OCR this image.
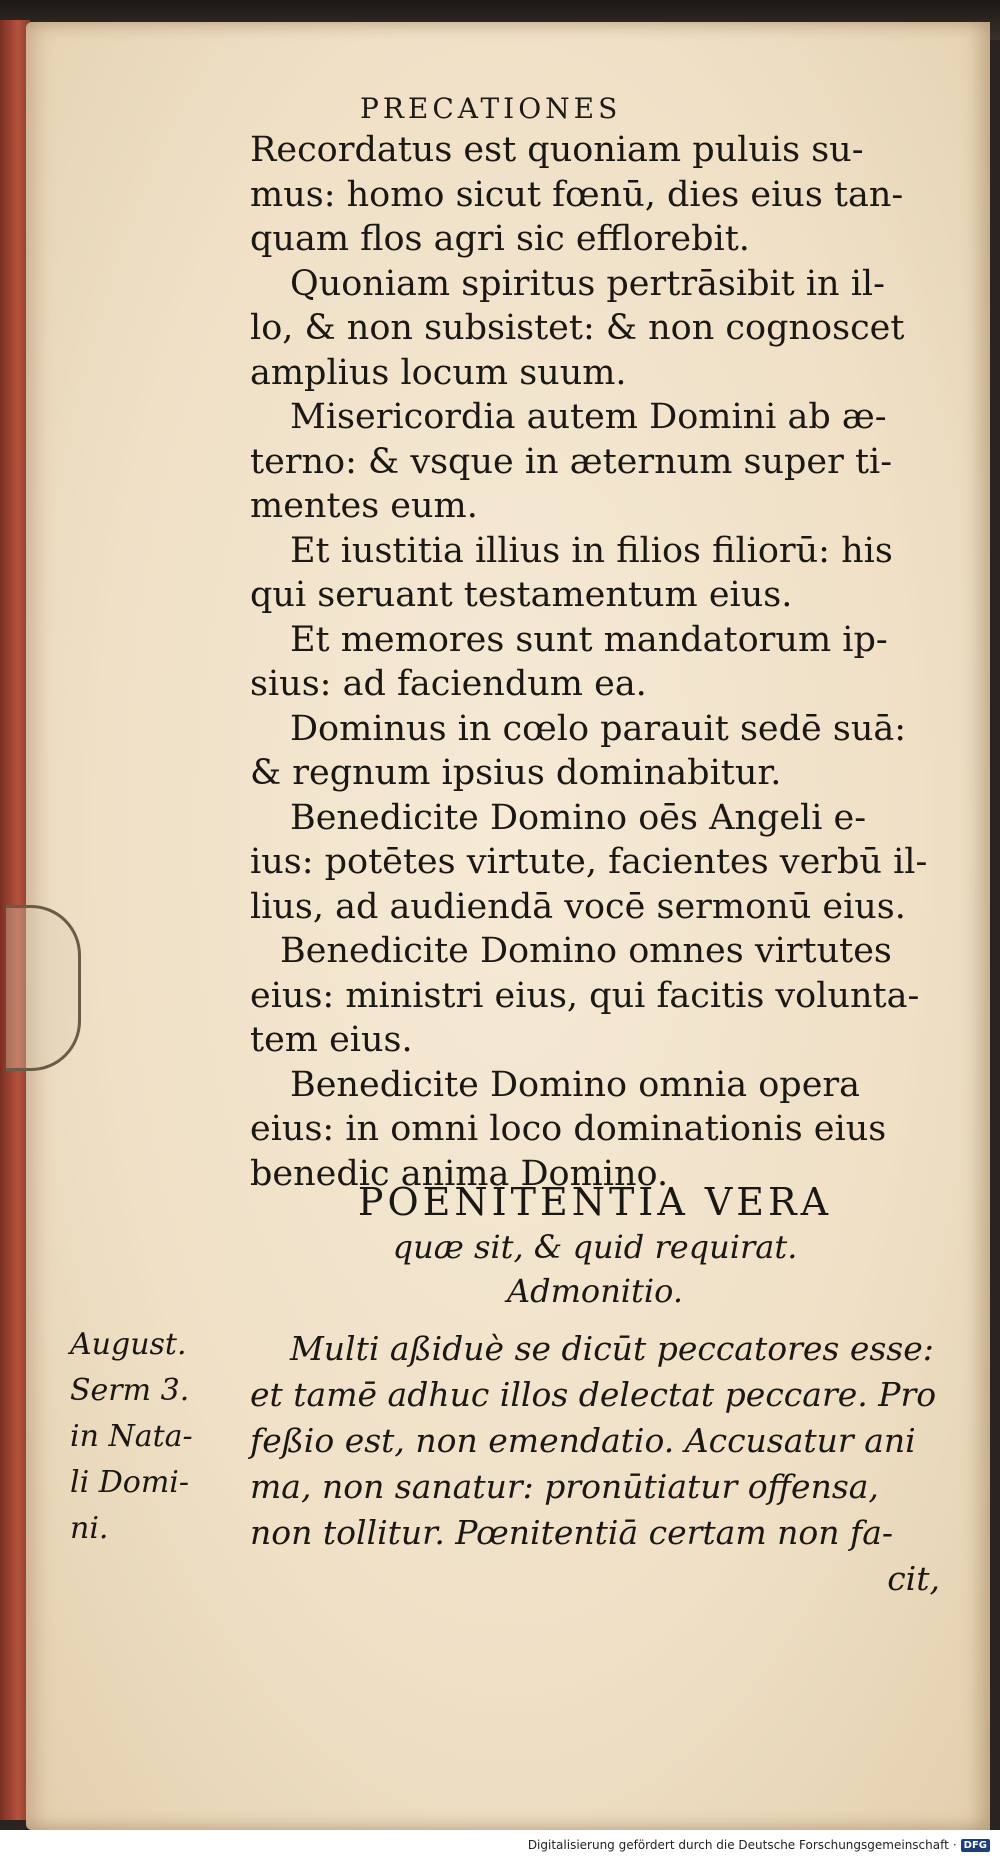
PRECATIONES

Recordatus est quoniam puluis su-

mus: homo sicut fœnū, dies eius tan-

quam flos agri sic efflorebit.

Quoniam spiritus pertrāsibit in il-

lo, & non subsistet: & non cognoscet

amplius locum suum.

Misericordia autem Domini ab æ-

terno: & vsque in æternum super ti-

mentes eum.

Et iustitia illius in filios filiorū: his

qui seruant testamentum eius.

Et memores sunt mandatorum ip-

sius: ad faciendum ea.

Dominus in cœlo parauit sedē suā:

& regnum ipsius dominabitur.

Benedicite Domino oēs Angeli e-

ius: potētes virtute, facientes verbū il-

lius, ad audiendā vocē sermonū eius.

Benedicite Domino omnes virtutes

eius: ministri eius, qui facitis volunta-

tem eius.

Benedicite Domino omnia opera

eius: in omni loco dominationis eius

benedic anima Domino.

POENITENTIA VERA
quæ sit, & quid requirat.
Admonitio.

August.

Serm 3.

in Nata-

li Domi-

ni.

Multi aßiduè se dicūt peccatores esse:

et tamē adhuc illos delectat peccare. Pro

feßio est, non emendatio. Accusatur ani

ma, non sanatur: pronūtiatur offensa,

non tollitur. Pœnitentiā certam non fa-

cit,

Digitalisierung gefördert durch die Deutsche Forschungsgemeinschaft · DFG
